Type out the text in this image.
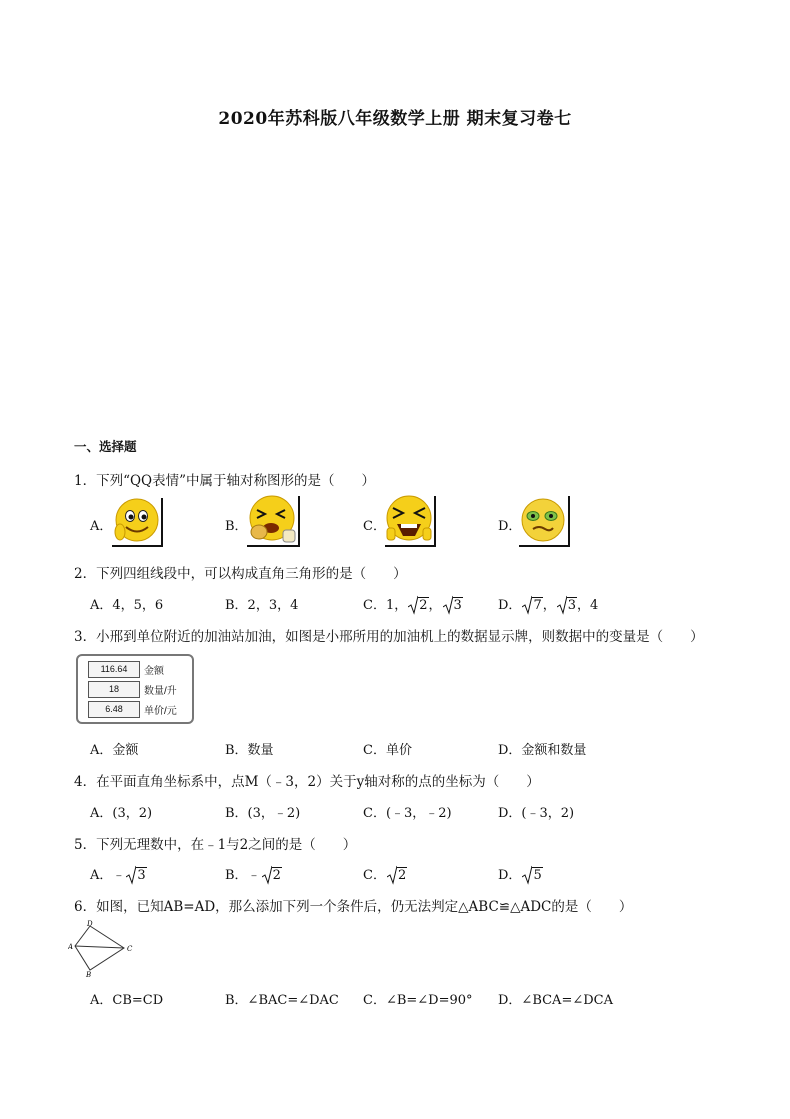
2020年苏科版八年级数学上册 期末复习卷七
一、选择题
1．下列“QQ表情”中属于轴对称图形的是（　　）
A．	B．	C．	D．
2．下列四组线段中，可以构成直角三角形的是（　　）
A．4，5，6	B．2，3，4	C．1， 2， 3	D． 7， 3，4
3．小邢到单位附近的加油站加油，如图是小邢所用的加油机上的数据显示牌，则数据中的变量是（　　）
116.64	金额
18	数量/升
6.48	单价/元
A．金额	B．数量	C．单价	D．金额和数量
4．在平面直角坐标系中，点M（﹣3，2）关于y轴对称的点的坐标为（　　）
A．(3，2)	B．(3，﹣2)	C．(﹣3，﹣2)	D．(﹣3，2)
5．下列无理数中，在﹣1与2之间的是（　　）
A．﹣ 3	B．﹣ 2	C． 2	D． 5
6．如图，已知AB=AD，那么添加下列一个条件后，仍无法判定△ABC≌△ADC的是（　　）
D
A	C
B
A．CB=CD	B．∠BAC=∠DAC C．∠B=∠D=90° D．∠BCA=∠DCA
